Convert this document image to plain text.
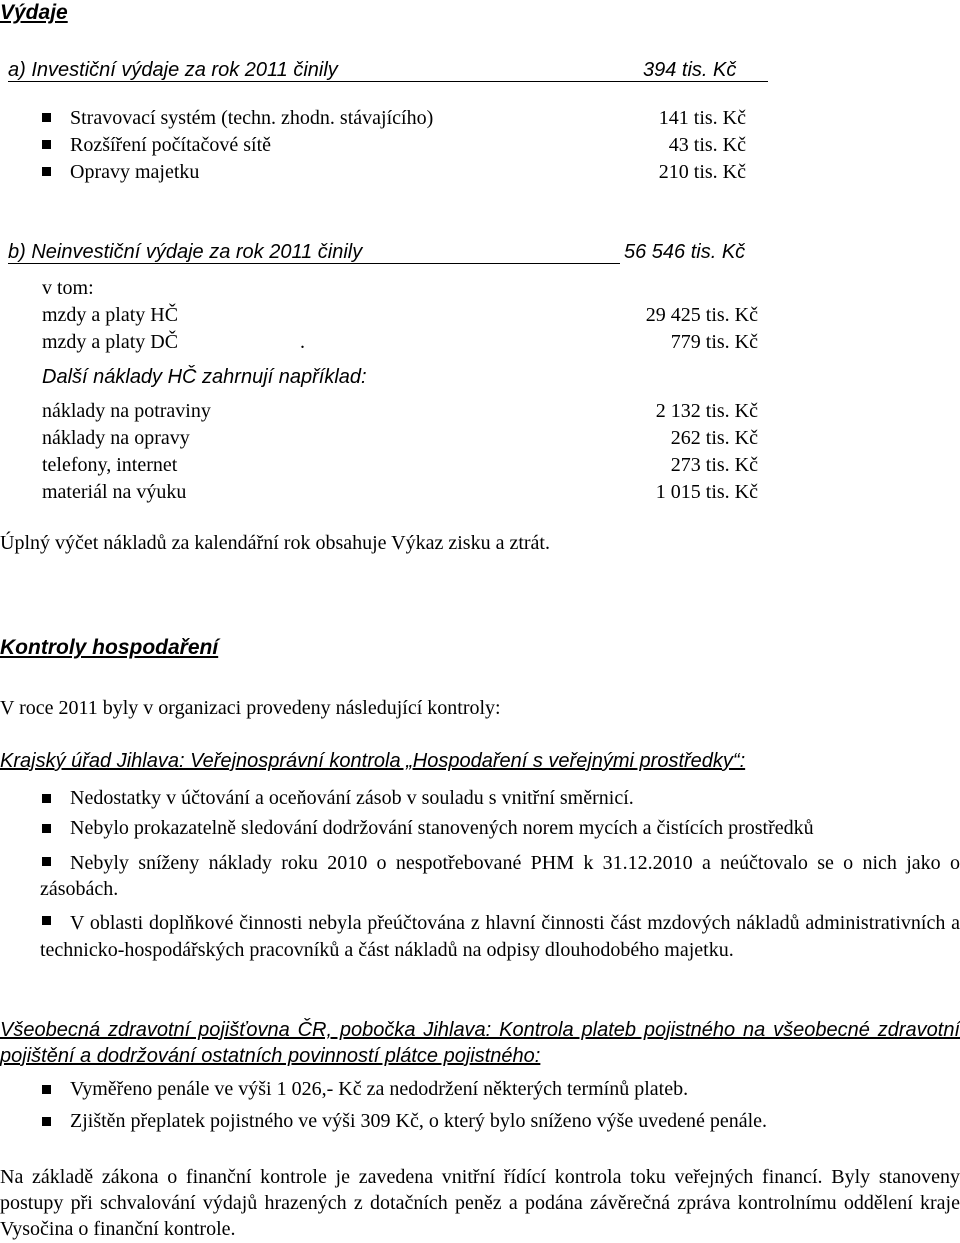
Výdaje
a) Investiční výdaje za rok 2011 činily	394 tis. Kč
Stravovací systém (techn. zhodn. stávajícího)	141 tis. Kč
Rozšíření počítačové sítě	43 tis. Kč
Opravy majetku	210 tis. Kč
b) Neinvestiční výdaje za rok 2011 činily	56 546 tis. Kč
v tom:
mzdy a platy HČ	29 425 tis. Kč
mzdy a platy DČ	.	779 tis. Kč
Další náklady HČ zahrnují například:
náklady na potraviny	2 132 tis. Kč
náklady na opravy	262 tis. Kč
telefony, internet	273 tis. Kč
materiál na výuku	1 015 tis. Kč
Úplný výčet nákladů za kalendářní rok obsahuje Výkaz zisku a ztrát.
Kontroly hospodaření
V roce 2011 byly v organizaci provedeny následující kontroly:
Krajský úřad Jihlava: Veřejnosprávní kontrola „Hospodaření s veřejnými prostředky“:
Nedostatky v účtování a oceňování zásob v souladu s vnitřní směrnicí.
Nebylo prokazatelně sledování dodržování stanovených norem mycích a čistících prostředků
Nebyly sníženy náklady roku 2010 o nespotřebované PHM k 31.12.2010 a neúčtovalo se o nich jako o zásobách.
V oblasti doplňkové činnosti nebyla přeúčtována z hlavní činnosti část mzdových nákladů administrativních a technicko-hospodářských pracovníků a část nákladů na odpisy dlouhodobého majetku.
Všeobecná zdravotní pojišťovna ČR, pobočka Jihlava: Kontrola plateb pojistného na všeobecné zdravotní pojištění a dodržování ostatních povinností plátce pojistného:
Vyměřeno penále ve výši 1 026,- Kč za nedodržení některých termínů plateb.
Zjištěn přeplatek pojistného ve výši 309 Kč, o který bylo sníženo výše uvedené penále.
Na základě zákona o finanční kontrole je zavedena vnitřní řídící kontrola toku veřejných financí. Byly stanoveny postupy při schvalování výdajů hrazených z dotačních peněz a podána závěrečná zpráva kontrolnímu oddělení kraje Vysočina o finanční kontrole.
